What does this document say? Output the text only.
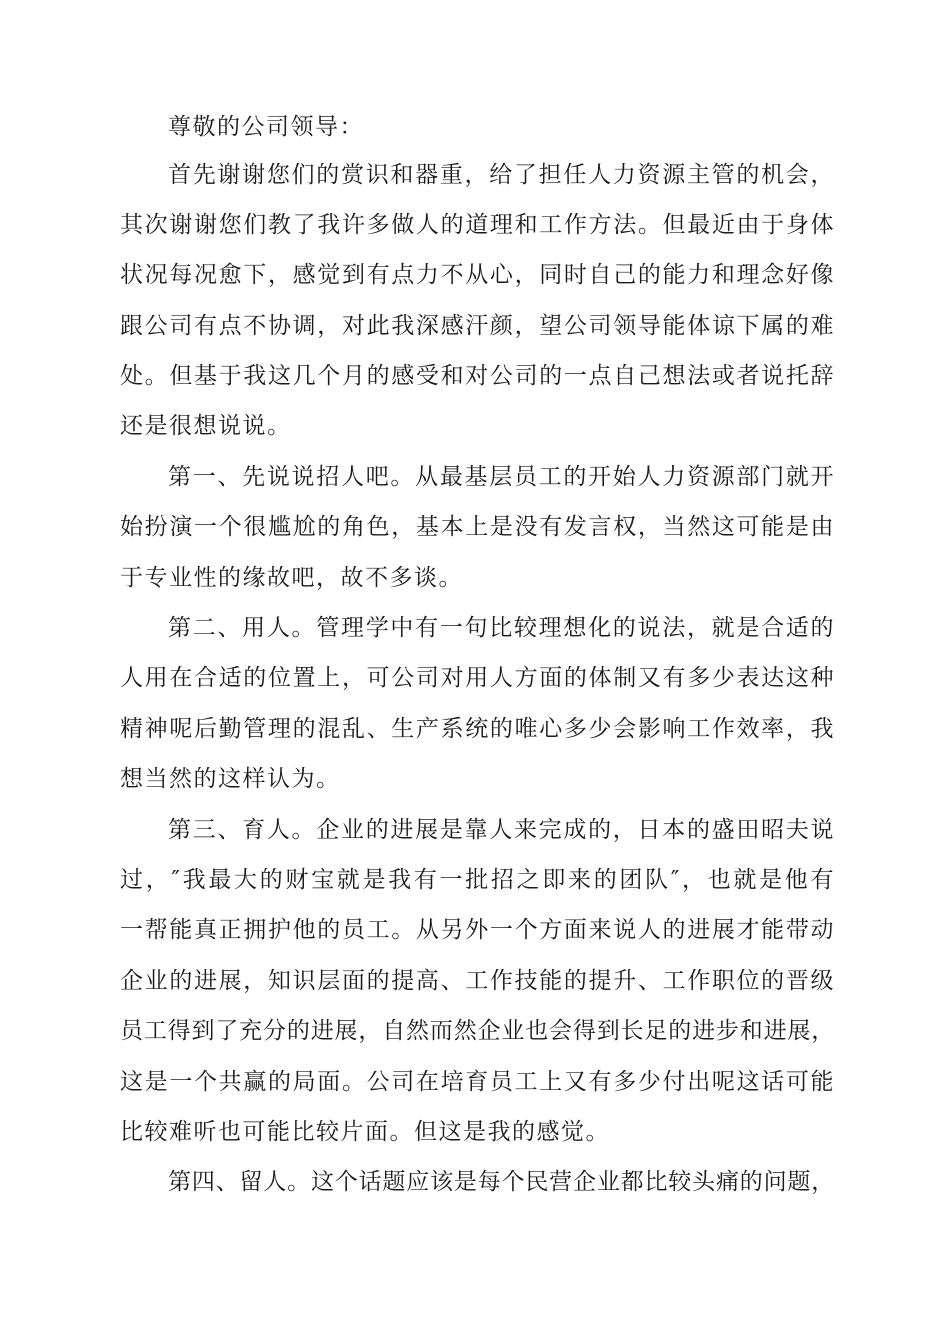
尊敬的公司领导：
首先谢谢您们的赏识和器重，给了担任人力资源主管的机会，
其次谢谢您们教了我许多做人的道理和工作方法。但最近由于身体
状况每况愈下，感觉到有点力不从心，同时自己的能力和理念好像
跟公司有点不协调，对此我深感汗颜，望公司领导能体谅下属的难
处。但基于我这几个月的感受和对公司的一点自己想法或者说托辞
还是很想说说。
第一、先说说招人吧。从最基层员工的开始人力资源部门就开
始扮演一个很尴尬的角色，基本上是没有发言权，当然这可能是由
于专业性的缘故吧，故不多谈。
第二、用人。管理学中有一句比较理想化的说法，就是合适的
人用在合适的位置上，可公司对用人方面的体制又有多少表达这种
精神呢后勤管理的混乱、生产系统的唯心多少会影响工作效率，我
想当然的这样认为。
第三、育人。企业的进展是靠人来完成的，日本的盛田昭夫说
过，″我最大的财宝就是我有一批招之即来的团队″，也就是他有
一帮能真正拥护他的员工。从另外一个方面来说人的进展才能带动
企业的进展，知识层面的提高、工作技能的提升、工作职位的晋级
员工得到了充分的进展，自然而然企业也会得到长足的进步和进展，
这是一个共赢的局面。公司在培育员工上又有多少付出呢这话可能
比较难听也可能比较片面。但这是我的感觉。
第四、留人。这个话题应该是每个民营企业都比较头痛的问题，
